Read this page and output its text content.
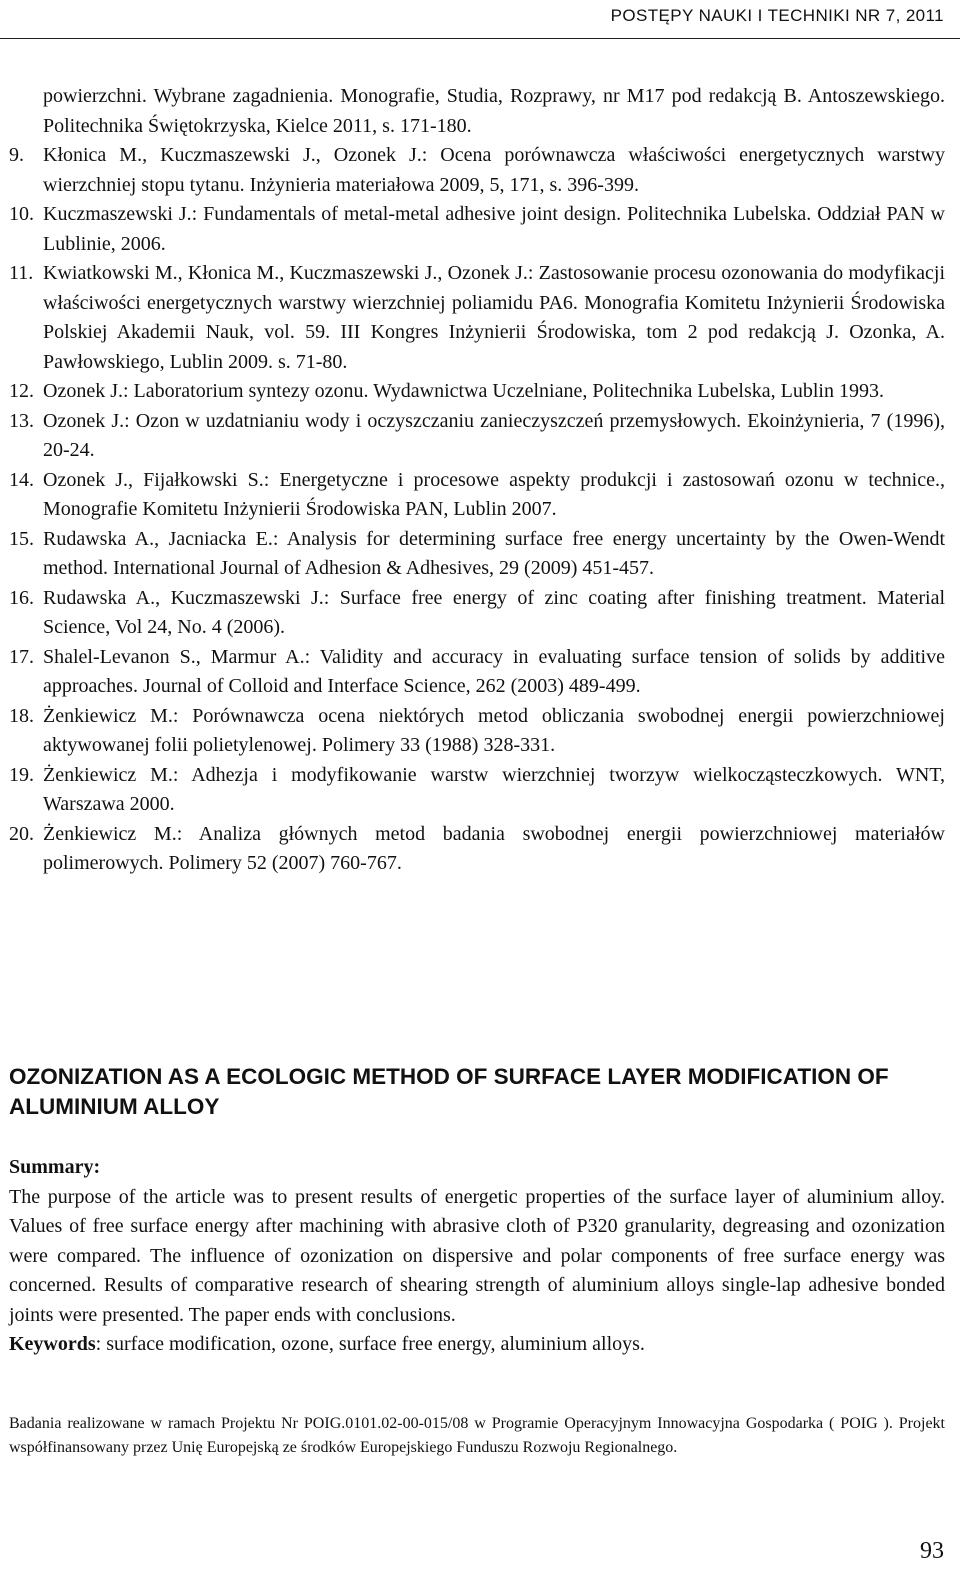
POSTĘPY NAUKI I TECHNIKI NR 7, 2011
powierzchni. Wybrane zagadnienia. Monografie, Studia, Rozprawy, nr M17 pod redakcją B. Antoszewskiego. Politechnika Świętokrzyska, Kielce 2011, s. 171-180.
9. Kłonica M., Kuczmaszewski J., Ozonek J.: Ocena porównawcza właściwości energetycznych warstwy wierzchniej stopu tytanu. Inżynieria materiałowa 2009, 5, 171, s. 396-399.
10. Kuczmaszewski J.: Fundamentals of metal-metal adhesive joint design. Politechnika Lubelska. Oddział PAN w Lublinie, 2006.
11. Kwiatkowski M., Kłonica M., Kuczmaszewski J., Ozonek J.: Zastosowanie procesu ozonowania do modyfikacji właściwości energetycznych warstwy wierzchniej poliamidu PA6. Monografia Komitetu Inżynierii Środowiska Polskiej Akademii Nauk, vol. 59. III Kongres Inżynierii Środowiska, tom 2 pod redakcją J. Ozonka, A. Pawłowskiego, Lublin 2009. s. 71-80.
12. Ozonek J.: Laboratorium syntezy ozonu. Wydawnictwa Uczelniane, Politechnika Lubelska, Lublin 1993.
13. Ozonek J.: Ozon w uzdatnianiu wody i oczyszczaniu zanieczyszczeń przemysłowych. Ekoinżynieria, 7 (1996), 20-24.
14. Ozonek J., Fijałkowski S.: Energetyczne i procesowe aspekty produkcji i zastosowań ozonu w technice., Monografie Komitetu Inżynierii Środowiska PAN, Lublin 2007.
15. Rudawska A., Jacniacka E.: Analysis for determining surface free energy uncertainty by the Owen-Wendt method. International Journal of Adhesion & Adhesives, 29 (2009) 451-457.
16. Rudawska A., Kuczmaszewski J.: Surface free energy of zinc coating after finishing treatment. Material Science, Vol 24, No. 4 (2006).
17. Shalel-Levanon S., Marmur A.: Validity and accuracy in evaluating surface tension of solids by additive approaches. Journal of Colloid and Interface Science, 262 (2003) 489-499.
18. Żenkiewicz M.: Porównawcza ocena niektórych metod obliczania swobodnej energii powierzchniowej aktywowanej folii polietylenowej. Polimery 33 (1988) 328-331.
19. Żenkiewicz M.: Adhezja i modyfikowanie warstw wierzchniej tworzyw wielkocząsteczkowych. WNT, Warszawa 2000.
20. Żenkiewicz M.: Analiza głównych metod badania swobodnej energii powierzchniowej materiałów polimerowych. Polimery 52 (2007) 760-767.
OZONIZATION AS A ECOLOGIC METHOD OF SURFACE LAYER MODIFICATION OF ALUMINIUM ALLOY
Summary:
The purpose of the article was to present results of energetic properties of the surface layer of aluminium alloy. Values of free surface energy after machining with abrasive cloth of P320 granularity, degreasing and ozonization were compared. The influence of ozonization on dispersive and polar components of free surface energy was concerned. Results of comparative research of shearing strength of aluminium alloys single-lap adhesive bonded joints were presented. The paper ends with conclusions.
Keywords: surface modification, ozone, surface free energy, aluminium alloys.
Badania realizowane w ramach Projektu Nr POIG.0101.02-00-015/08 w Programie Operacyjnym Innowacyjna Gospodarka ( POIG ). Projekt współfinansowany przez Unię Europejską ze środków Europejskiego Funduszu Rozwoju Regionalnego.
93
